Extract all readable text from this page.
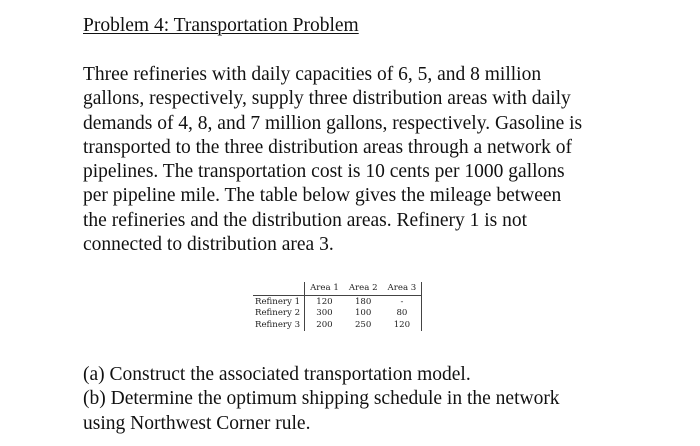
Problem 4: Transportation Problem
Three refineries with daily capacities of 6, 5, and 8 million
gallons, respectively, supply three distribution areas with daily
demands of 4, 8, and 7 million gallons, respectively. Gasoline is
transported to the three distribution areas through a network of
pipelines. The transportation cost is 10 cents per 1000 gallons
per pipeline mile. The table below gives the mileage between
the refineries and the distribution areas. Refinery 1 is not
connected to distribution area 3.
	Area 1	Area 2	Area 3
Refinery 1	120	180	-
Refinery 2	300	100	80
Refinery 3	200	250	120
(a) Construct the associated transportation model.
(b) Determine the optimum shipping schedule in the network
using Northwest Corner rule.
